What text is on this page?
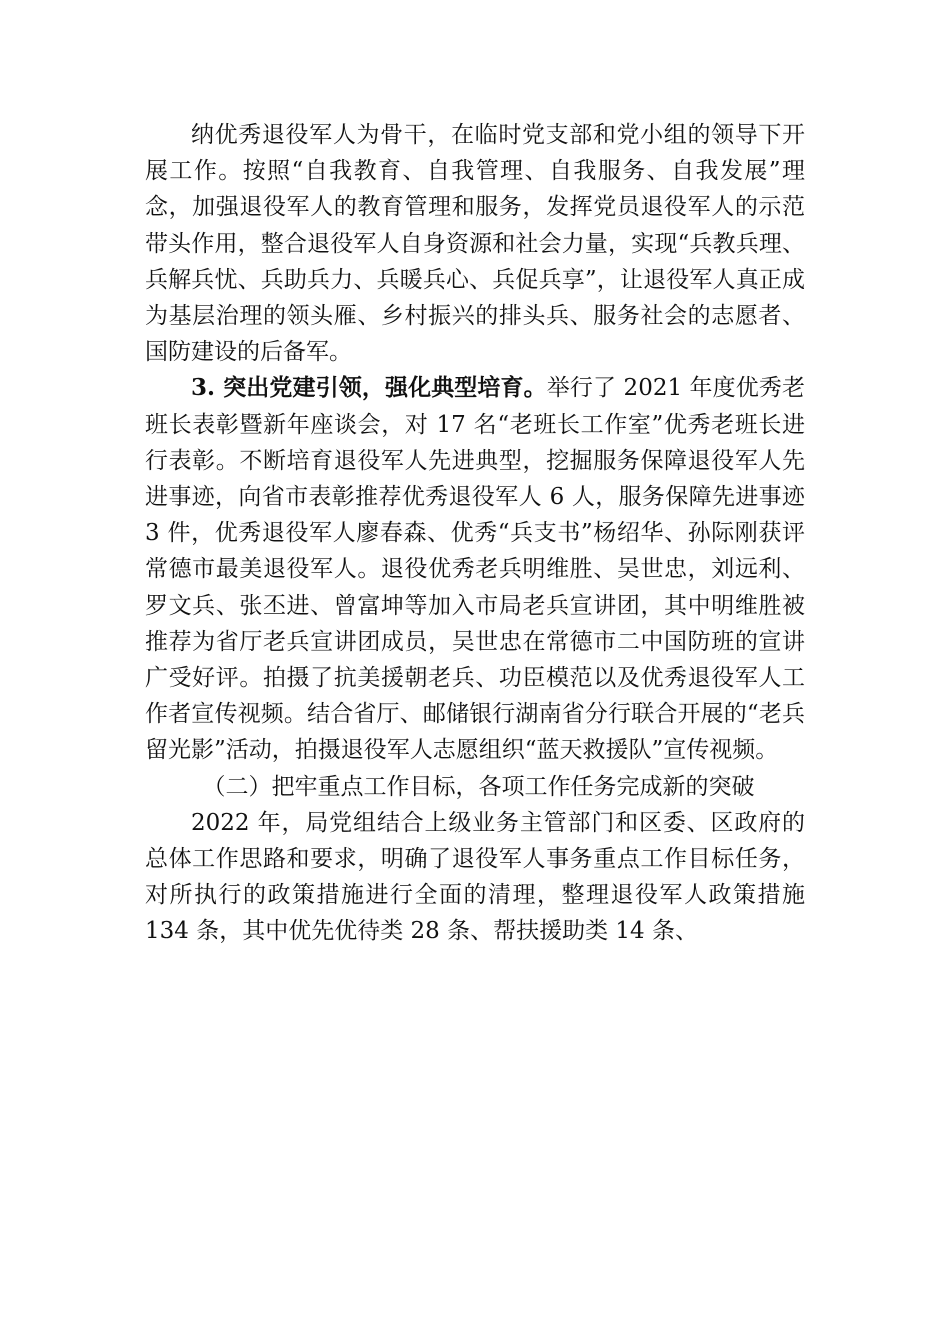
纳优秀退役军人为骨干，在临时党支部和党小组的领导下开展工作。按照“自我教育、自我管理、自我服务、自我发展”理念，加强退役军人的教育管理和服务，发挥党员退役军人的示范带头作用，整合退役军人自身资源和社会力量，实现“兵教兵理、兵解兵忧、兵助兵力、兵暖兵心、兵促兵享”，让退役军人真正成为基层治理的领头雁、乡村振兴的排头兵、服务社会的志愿者、国防建设的后备军。

3. 突出党建引领，强化典型培育。举行了 2021 年度优秀老班长表彰暨新年座谈会，对 17 名“老班长工作室”优秀老班长进行表彰。不断培育退役军人先进典型，挖掘服务保障退役军人先进事迹，向省市表彰推荐优秀退役军人 6 人，服务保障先进事迹 3 件，优秀退役军人廖春森、优秀“兵支书”杨绍华、孙际刚获评常德市最美退役军人。退役优秀老兵明维胜、吴世忠，刘远利、罗文兵、张丕进、曾富坤等加入市局老兵宣讲团，其中明维胜被推荐为省厅老兵宣讲团成员，吴世忠在常德市二中国防班的宣讲广受好评。拍摄了抗美援朝老兵、功臣模范以及优秀退役军人工作者宣传视频。结合省厅、邮储银行湖南省分行联合开展的“老兵留光影”活动，拍摄退役军人志愿组织“蓝天救援队”宣传视频。

（二）把牢重点工作目标，各项工作任务完成新的突破

2022 年，局党组结合上级业务主管部门和区委、区政府的总体工作思路和要求，明确了退役军人事务重点工作目标任务，对所执行的政策措施进行全面的清理，整理退役军人政策措施 134 条，其中优先优待类 28 条、帮扶援助类 14 条、
